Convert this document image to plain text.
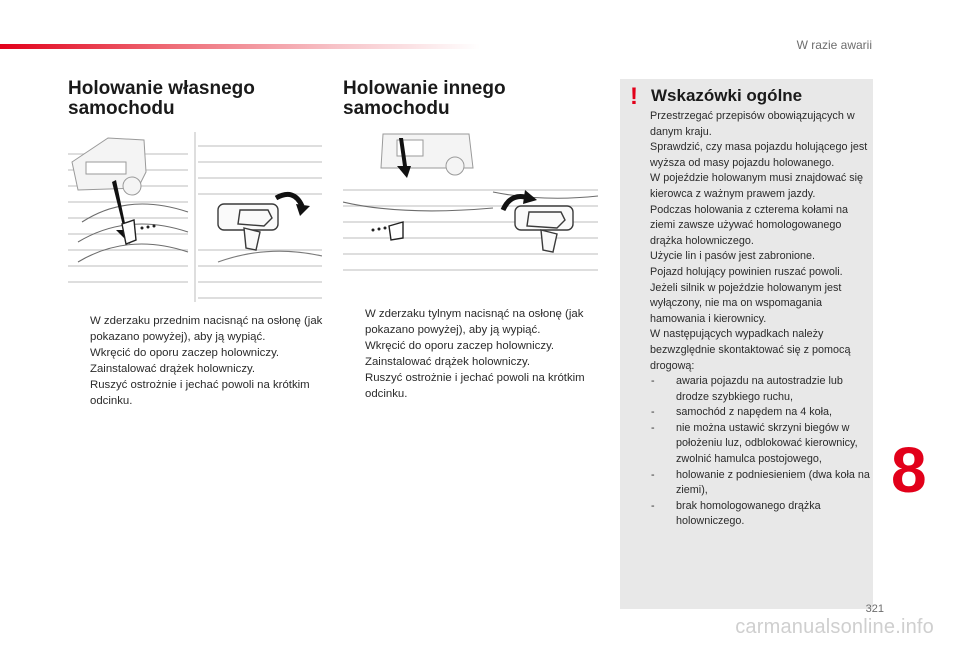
W razie awarii
Holowanie własnego
samochodu
W zderzaku przednim nacisnąć na osłonę (jak pokazano powyżej), aby ją wypiąć.
Wkręcić do oporu zaczep holowniczy.
Zainstalować drążek holowniczy.
Ruszyć ostrożnie i jechać powoli na krótkim odcinku.
Holowanie innego
samochodu
W zderzaku tylnym nacisnąć na osłonę (jak pokazano powyżej), aby ją wypiąć.
Wkręcić do oporu zaczep holowniczy.
Zainstalować drążek holowniczy.
Ruszyć ostrożnie i jechać powoli na krótkim odcinku.
! Wskazówki ogólne

Przestrzegać przepisów obowiązujących w danym kraju.

Sprawdzić, czy masa pojazdu holującego jest wyższa od masy pojazdu holowanego.

W pojeździe holowanym musi znajdować się kierowca z ważnym prawem jazdy.

Podczas holowania z czterema kołami na ziemi zawsze używać homologowanego drążka holowniczego.

Użycie lin i pasów jest zabronione.

Pojazd holujący powinien ruszać powoli.

Jeżeli silnik w pojeździe holowanym jest wyłączony, nie ma on wspomagania hamowania i kierownicy.

W następujących wypadkach należy bezwzględnie skontaktować się z pomocą drogową:

- awaria pojazdu na autostradzie lub drodze szybkiego ruchu,

- samochód z napędem na 4 koła,

- nie można ustawić skrzyni biegów w położeniu luz, odblokować kierownicy, zwolnić hamulca postojowego,

- holowanie z podniesieniem (dwa koła na ziemi),

- brak homologowanego drążka holowniczego.

8
321
carmanualsonline.info
